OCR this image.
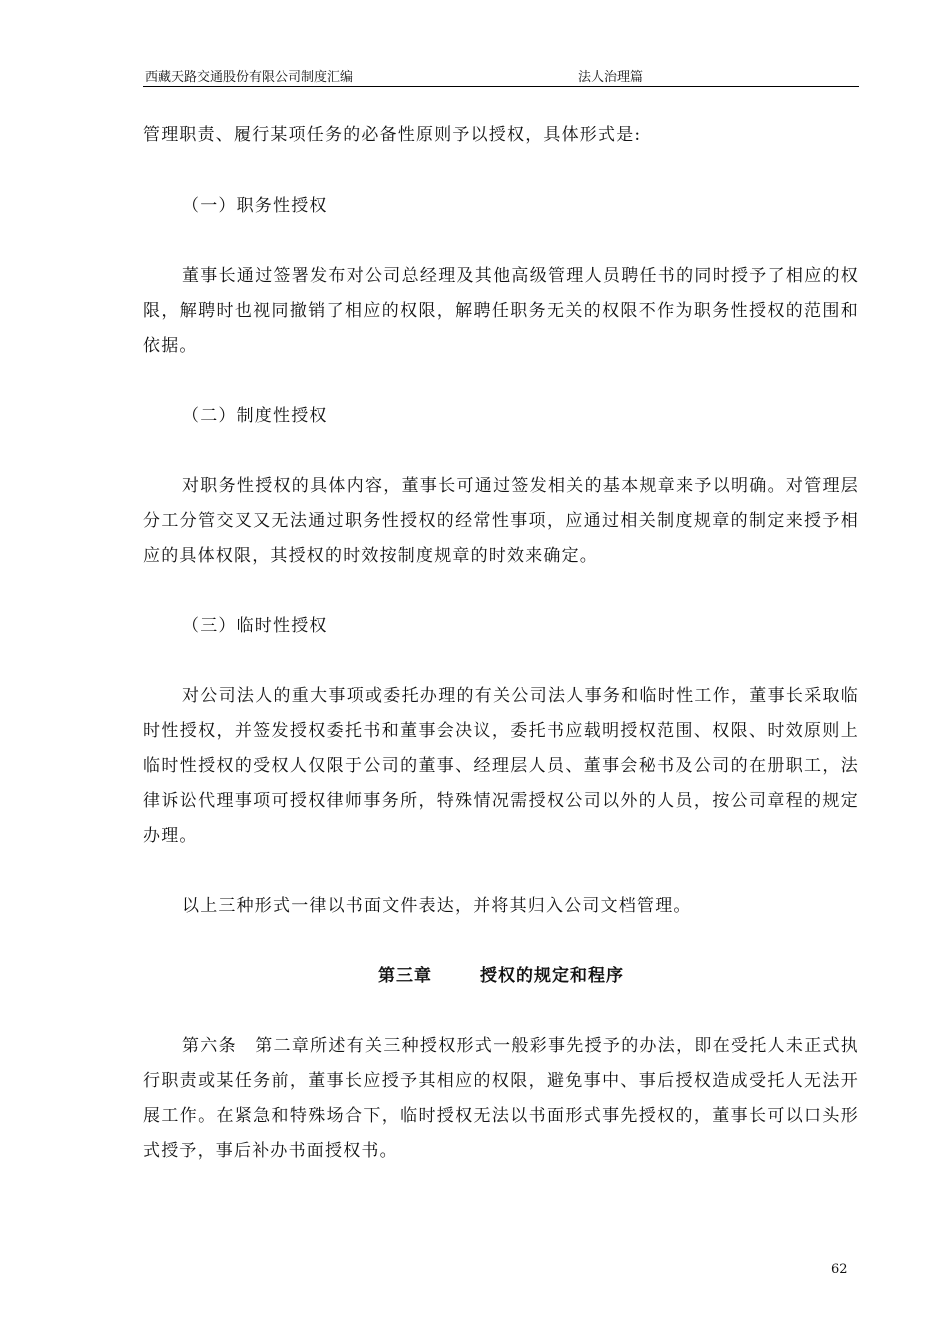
西藏天路交通股份有限公司制度汇编	法人治理篇

管理职责、履行某项任务的必备性原则予以授权，具体形式是:

（一）职务性授权

董事长通过签署发布对公司总经理及其他高级管理人员聘任书的同时授予了相应的权限，解聘时也视同撤销了相应的权限，解聘任职务无关的权限不作为职务性授权的范围和依据。

（二）制度性授权

对职务性授权的具体内容，董事长可通过签发相关的基本规章来予以明确。对管理层分工分管交叉又无法通过职务性授权的经常性事项，应通过相关制度规章的制定来授予相应的具体权限，其授权的时效按制度规章的时效来确定。

（三）临时性授权

对公司法人的重大事项或委托办理的有关公司法人事务和临时性工作，董事长采取临时性授权，并签发授权委托书和董事会决议，委托书应载明授权范围、权限、时效原则上临时性授权的受权人仅限于公司的董事、经理层人员、董事会秘书及公司的在册职工，法律诉讼代理事项可授权律师事务所，特殊情况需授权公司以外的人员，按公司章程的规定办理。

以上三种形式一律以书面文件表达，并将其归入公司文档管理。

第三章	授权的规定和程序

第六条　 第二章所述有关三种授权形式一般彩事先授予的办法，即在受托人未正式执行职责或某任务前，董事长应授予其相应的权限，避免事中、事后授权造成受托人无法开展工作。在紧急和特殊场合下，临时授权无法以书面形式事先授权的，董事长可以口头形式授予，事后补办书面授权书。

62
